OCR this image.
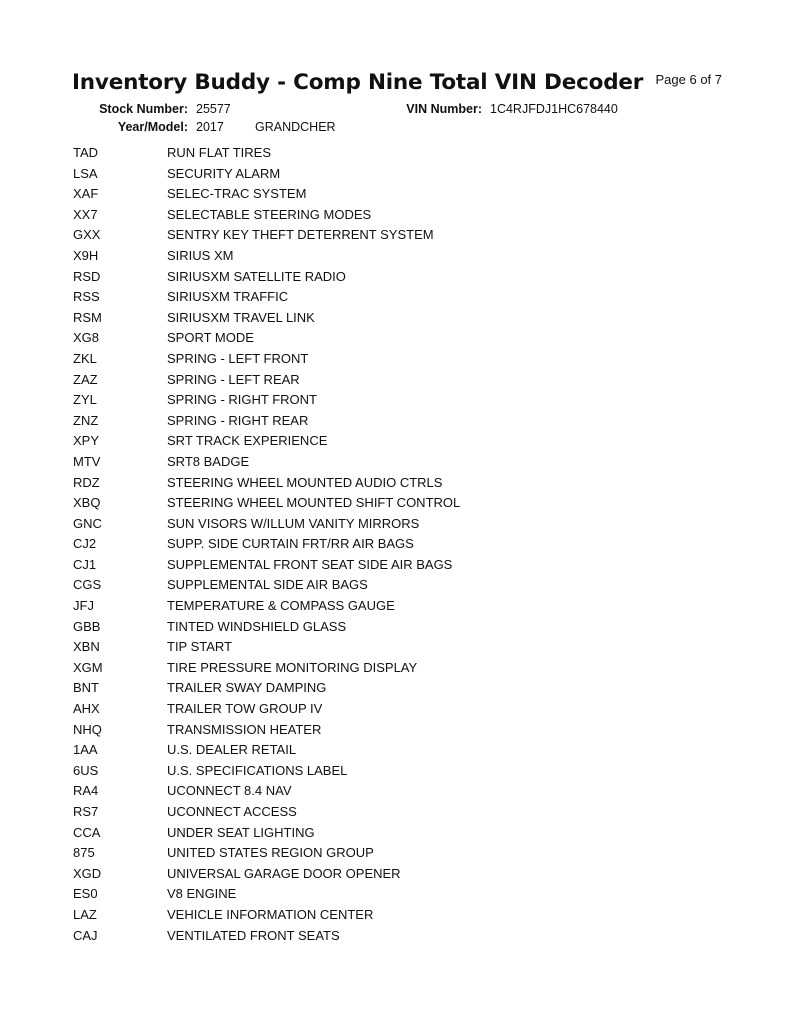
Inventory Buddy - Comp Nine Total VIN Decoder Page 6 of 7
Stock Number: 25577	VIN Number: 1C4RJFDJ1HC678440
Year/Model: 2017 GRANDCHER
TAD	RUN FLAT TIRES
LSA	SECURITY ALARM
XAF	SELEC-TRAC SYSTEM
XX7	SELECTABLE STEERING MODES
GXX	SENTRY KEY THEFT DETERRENT SYSTEM
X9H	SIRIUS XM
RSD	SIRIUSXM SATELLITE RADIO
RSS	SIRIUSXM TRAFFIC
RSM	SIRIUSXM TRAVEL LINK
XG8	SPORT MODE
ZKL	SPRING - LEFT FRONT
ZAZ	SPRING - LEFT REAR
ZYL	SPRING - RIGHT FRONT
ZNZ	SPRING - RIGHT REAR
XPY	SRT TRACK EXPERIENCE
MTV	SRT8 BADGE
RDZ	STEERING WHEEL MOUNTED AUDIO CTRLS
XBQ	STEERING WHEEL MOUNTED SHIFT CONTROL
GNC	SUN VISORS W/ILLUM VANITY MIRRORS
CJ2	SUPP. SIDE CURTAIN FRT/RR AIR BAGS
CJ1	SUPPLEMENTAL FRONT SEAT SIDE AIR BAGS
CGS	SUPPLEMENTAL SIDE AIR BAGS
JFJ	TEMPERATURE & COMPASS GAUGE
GBB	TINTED WINDSHIELD GLASS
XBN	TIP START
XGM	TIRE PRESSURE MONITORING DISPLAY
BNT	TRAILER SWAY DAMPING
AHX	TRAILER TOW GROUP IV
NHQ	TRANSMISSION HEATER
1AA	U.S. DEALER RETAIL
6US	U.S. SPECIFICATIONS LABEL
RA4	UCONNECT 8.4 NAV
RS7	UCONNECT ACCESS
CCA	UNDER SEAT LIGHTING
875	UNITED STATES REGION GROUP
XGD	UNIVERSAL GARAGE DOOR OPENER
ES0	V8 ENGINE
LAZ	VEHICLE INFORMATION CENTER
CAJ	VENTILATED FRONT SEATS
